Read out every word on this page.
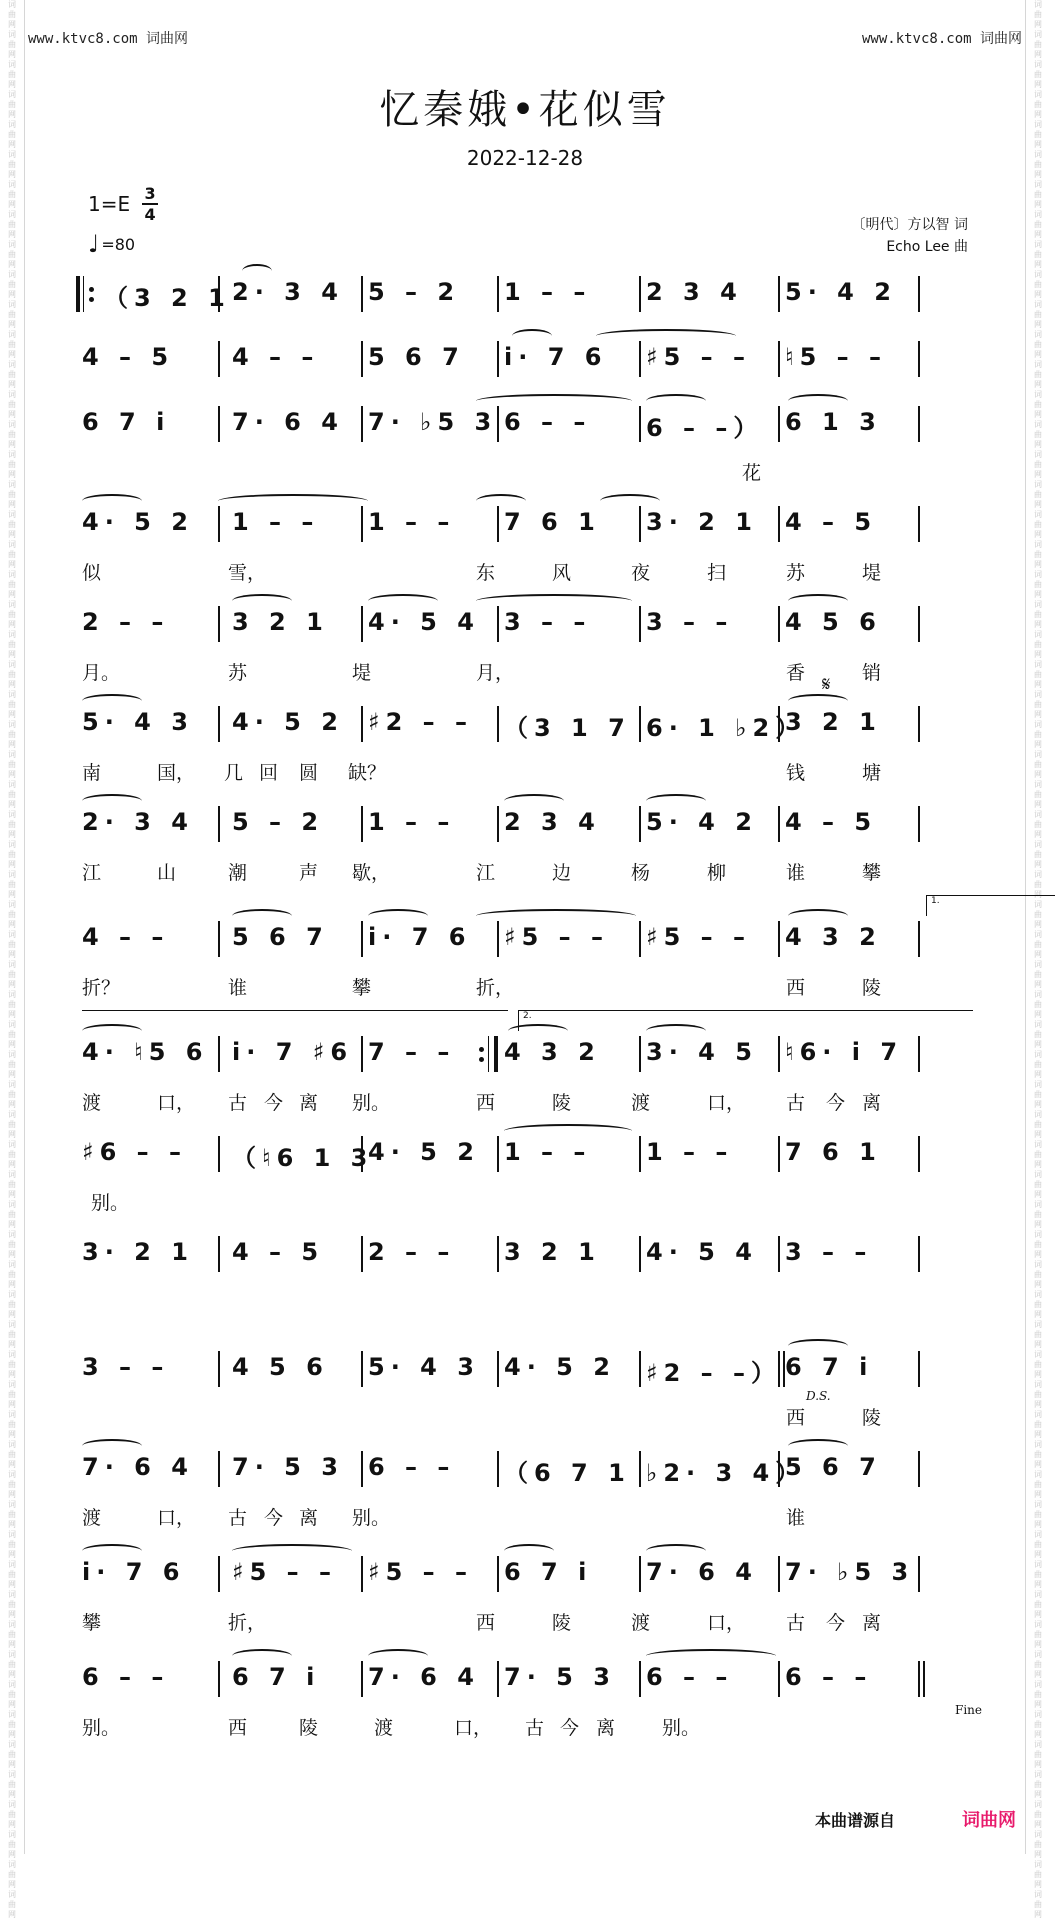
词曲网 词曲网 词曲网 词曲网 词曲网 词曲网 词曲网 词曲网 词曲网 词曲网 词曲网 词曲网 词曲网 词曲网 词曲网 词曲网 词曲网 词曲网 词曲网 词曲网 词曲网 词曲网 词曲网 词曲网 词曲网 词曲网 词曲网 词曲网 词曲网 词曲网 词曲网 词曲网 词曲网 词曲网 词曲网 词曲网 词曲网 词曲网 词曲网 词曲网 词曲网 词曲网 词曲网 词曲网 词曲网 词曲网 词曲网 词曲网 词曲网 词曲网 词曲网 词曲网 词曲网 词曲网 词曲网 词曲网 词曲网 词曲网 词曲网 词曲网 词曲网 词曲网 词曲网 词曲网
词曲网 词曲网 词曲网 词曲网 词曲网 词曲网 词曲网 词曲网 词曲网 词曲网 词曲网 词曲网 词曲网 词曲网 词曲网 词曲网 词曲网 词曲网 词曲网 词曲网 词曲网 词曲网 词曲网 词曲网 词曲网 词曲网 词曲网 词曲网 词曲网 词曲网 词曲网 词曲网 词曲网 词曲网 词曲网 词曲网 词曲网 词曲网 词曲网 词曲网 词曲网 词曲网 词曲网 词曲网 词曲网 词曲网 词曲网 词曲网 词曲网 词曲网 词曲网 词曲网 词曲网 词曲网 词曲网 词曲网 词曲网 词曲网 词曲网 词曲网 词曲网 词曲网 词曲网 词曲网
www.ktvc8.com 词曲网	www.ktvc8.com 词曲网
忆秦娥•花似雪
2022-12-28
1=E 3
4
♩ =80
〔明代〕方以智 词
Echo Lee 曲
（3 2 1 2· 3 4 5 – 2 1 – – 2 3 4 5· 4 2
4 – 5 4 – – 5 6 7 i· 7 6 ♯5 – – ♮5 – –
6 7 i	7· 6 4 7· ♭5 3 6 – – 6 – –） 6 1 3
花
4· 5 2 1 – – 1 – – 7 6 1 3· 2 1 4 – 5
似	雪，	东	风	夜	扫	苏	堤
2 – –	3 2 1 4· 5 4 3 – – 3 – – 4 5 6
月。	苏	堤	月，	香	销
5· 4 3 4· 5 2 ♯2 – – （3 1 7 6· 1 ♭2）
3 2 1
南	国， 几 回 圆 缺？	钱	塘
𝄋
2· 3 4 5 – 2 1 – – 2 3 4 5· 4 2 4 – 5
江	山	潮	声 歇，	江	边	杨	柳	谁	攀
4 – –	5 6 7 i· 7 6 ♯5 – – ♯5 – – 4 3 2
折？	谁	攀	折，	西	陵
1.
4· ♮5 6 i· 7 ♯6 7 – – 4 3 2 3· 4 5 ♮6· i 7
渡	口， 古 今 离 别。	西	陵	渡	口， 古 今 离
2.
♯6 – – （♮6 1 3
4· 5 2 1 – – 1 – – 7 6 1
别。
3· 2 1 4 – 5 2 – – 3 2 1 4· 5 4 3 – –
3 – –	4 5 6 5· 4 3 4· 5 2 ♯2 – –） 6 7 i
西	陵
D.S.
7· 6 4 7· 5 3 6 – – （6 7 1 ♭2· 3 4）
5 6 7
渡	口， 古 今 离 别。	谁
i· 7 6 ♯5 – – ♯5 – – 6 7 i 7· 6 4 7· ♭5 3
攀	折，	西	陵	渡	口， 古 今 离
6 – –	6 7 i 7· 6 4 7· 5 3 6 – – 6 – –
别。	西	陵	渡	口， 古 今 离 别。
Fine
本曲谱源自	词曲网
